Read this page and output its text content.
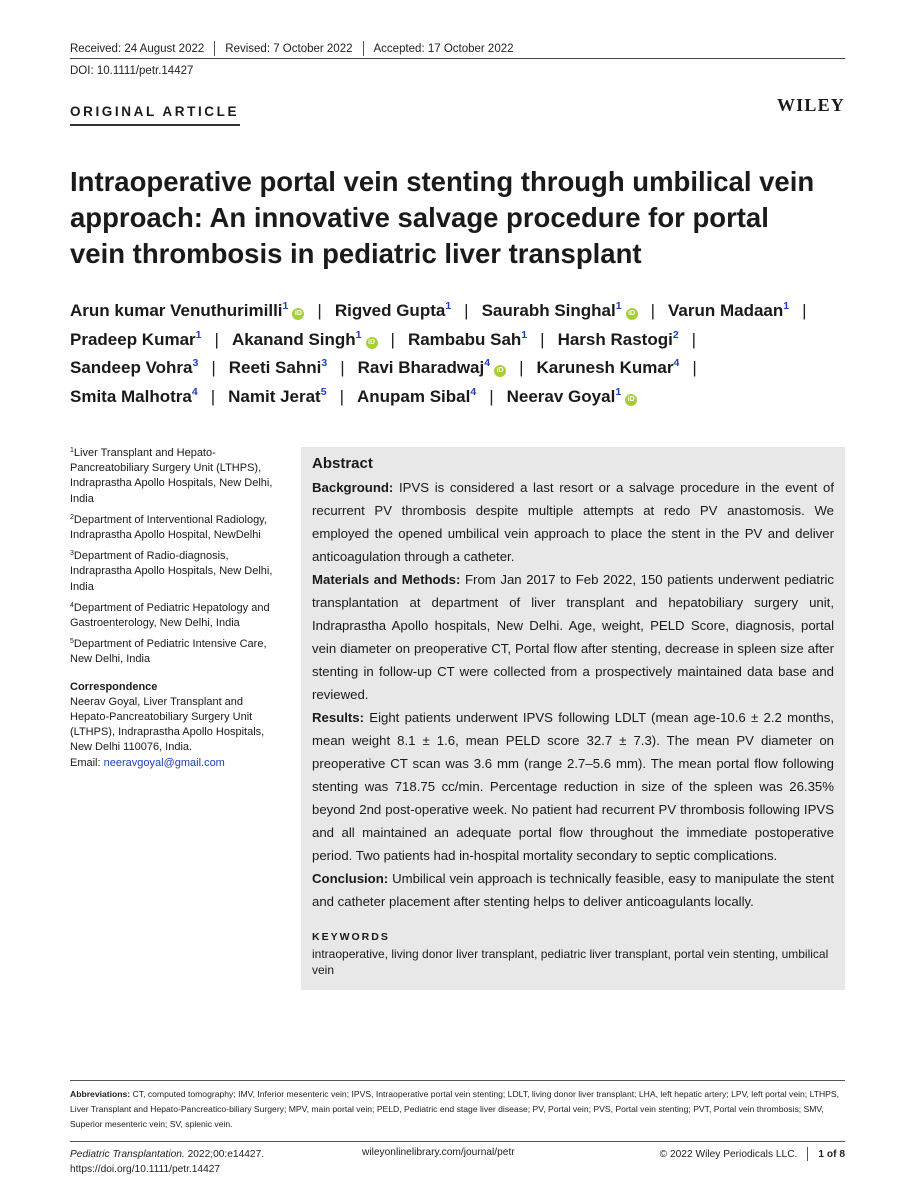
Received: 24 August 2022 Revised: 7 October 2022 Accepted: 17 October 2022
DOI: 10.1111/petr.14427
ORIGINAL ARTICLE	WILEY
Intraoperative portal vein stenting through umbilical vein approach: An innovative salvage procedure for portal vein thrombosis in pediatric liver transplant
Arun kumar Venuthurimilli$^1$iD | Rigved Gupta$^1$ | Saurabh Singhal$^1$iD | Varun Madaan$^1$ |
Pradeep Kumar$^1$ | Akanand Singh$^1$iD | Rambabu Sah$^1$ | Harsh Rastogi$^2$ |
Sandeep Vohra$^3$ | Reeti Sahni$^3$ | Ravi Bharadwaj$^4$iD | Karunesh Kumar$^4$ |
Smita Malhotra$^4$ | Namit Jerat$^5$ | Anupam Sibal$^4$ | Neerav Goyal$^1$iD
$^1$Liver Transplant and Hepato-Pancreatobiliary Surgery Unit (LTHPS), Indraprastha Apollo Hospitals, New Delhi, India
$^2$Department of Interventional Radiology, Indraprastha Apollo Hospital, NewDelhi
$^3$Department of Radio-diagnosis, Indraprastha Apollo Hospitals, New Delhi, India
$^4$Department of Pediatric Hepatology and Gastroenterology, New Delhi, India
$^5$Department of Pediatric Intensive Care, New Delhi, India
Correspondence
Neerav Goyal, Liver Transplant and Hepato-Pancreatobiliary Surgery Unit (LTHPS), Indraprastha Apollo Hospitals, New Delhi 110076, India.
Email: neeravgoyal@gmail.com
Abstract
Background: IPVS is considered a last resort or a salvage procedure in the event of recurrent PV thrombosis despite multiple attempts at redo PV anastomosis. We employed the opened umbilical vein approach to place the stent in the PV and deliver anticoagulation through a catheter.
Materials and Methods: From Jan 2017 to Feb 2022, 150 patients underwent pediatric transplantation at department of liver transplant and hepatobiliary surgery unit, Indraprastha Apollo hospitals, New Delhi. Age, weight, PELD Score, diagnosis, portal vein diameter on preoperative CT, Portal flow after stenting, decrease in spleen size after stenting in follow-up CT were collected from a prospectively maintained data base and reviewed.
Results: Eight patients underwent IPVS following LDLT (mean age-10.6 ± 2.2 months, mean weight 8.1 ± 1.6, mean PELD score 32.7 ± 7.3). The mean PV diameter on preoperative CT scan was 3.6 mm (range 2.7–5.6 mm). The mean portal flow following stenting was 718.75 cc/min. Percentage reduction in size of the spleen was 26.35% beyond 2nd post-operative week. No patient had recurrent PV thrombosis following IPVS and all maintained an adequate portal flow throughout the immediate postoperative period. Two patients had in-hospital mortality secondary to septic complications.
Conclusion: Umbilical vein approach is technically feasible, easy to manipulate the stent and catheter placement after stenting helps to deliver anticoagulants locally.
KEYWORDS
intraoperative, living donor liver transplant, pediatric liver transplant, portal vein stenting, umbilical vein
Abbreviations: CT, computed tomography; IMV, Inferior mesenteric vein; IPVS, Intraoperative portal vein stenting; LDLT, living donor liver transplant; LHA, left hepatic artery; LPV, left portal vein; LTHPS, Liver Transplant and Hepato-Pancreatico-biliary Surgery; MPV, main portal vein; PELD, Pediatric end stage liver disease; PV, Portal vein; PVS, Portal vein stenting; PVT, Portal vein thrombosis; SMV, Superior mesenteric vein; SV, splenic vein.
Pediatric Transplantation. 2022;00:e14427.
https://doi.org/10.1111/petr.14427
wileyonlinelibrary.com/journal/petr	© 2022 Wiley Periodicals LLC. 1 of 8
